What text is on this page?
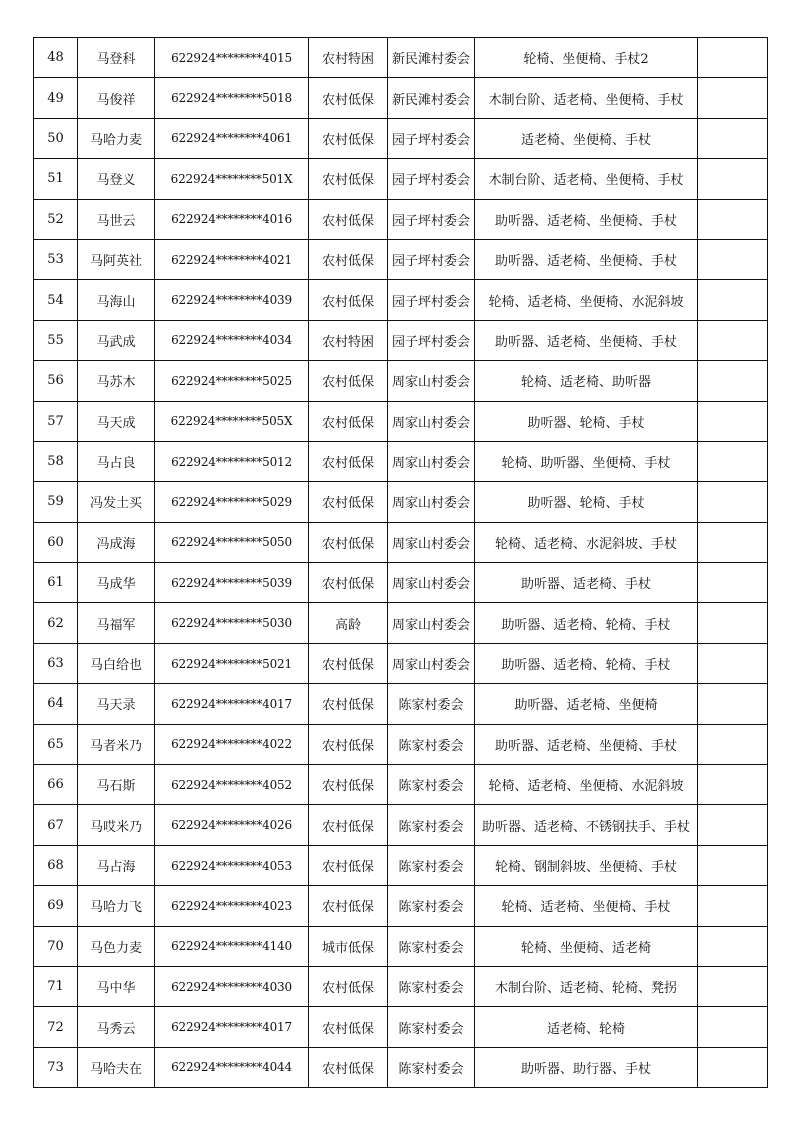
48	马登科	622924********4015	农村特困	新民滩村委会	轮椅、坐便椅、手杖2	
49	马俊祥	622924********5018	农村低保	新民滩村委会	木制台阶、适老椅、坐便椅、手杖	
50	马哈力麦	622924********4061	农村低保	园子坪村委会	适老椅、坐便椅、手杖	
51	马登义	622924********501X	农村低保	园子坪村委会	木制台阶、适老椅、坐便椅、手杖	
52	马世云	622924********4016	农村低保	园子坪村委会	助听器、适老椅、坐便椅、手杖	
53	马阿英社	622924********4021	农村低保	园子坪村委会	助听器、适老椅、坐便椅、手杖	
54	马海山	622924********4039	农村低保	园子坪村委会	轮椅、适老椅、坐便椅、水泥斜坡	
55	马武成	622924********4034	农村特困	园子坪村委会	助听器、适老椅、坐便椅、手杖	
56	马苏木	622924********5025	农村低保	周家山村委会	轮椅、适老椅、助听器	
57	马天成	622924********505X	农村低保	周家山村委会	助听器、轮椅、手杖	
58	马占良	622924********5012	农村低保	周家山村委会	轮椅、助听器、坐便椅、手杖	
59	冯发土买	622924********5029	农村低保	周家山村委会	助听器、轮椅、手杖	
60	冯成海	622924********5050	农村低保	周家山村委会	轮椅、适老椅、水泥斜坡、手杖	
61	马成华	622924********5039	农村低保	周家山村委会	助听器、适老椅、手杖	
62	马福军	622924********5030	高龄	周家山村委会	助听器、适老椅、轮椅、手杖	
63	马白给也	622924********5021	农村低保	周家山村委会	助听器、适老椅、轮椅、手杖	
64	马天录	622924********4017	农村低保	陈家村委会	助听器、适老椅、坐便椅	
65	马者米乃	622924********4022	农村低保	陈家村委会	助听器、适老椅、坐便椅、手杖	
66	马石斯	622924********4052	农村低保	陈家村委会	轮椅、适老椅、坐便椅、水泥斜坡	
67	马哎米乃	622924********4026	农村低保	陈家村委会	助听器、适老椅、不锈钢扶手、手杖	
68	马占海	622924********4053	农村低保	陈家村委会	轮椅、钢制斜坡、坐便椅、手杖	
69	马哈力飞	622924********4023	农村低保	陈家村委会	轮椅、适老椅、坐便椅、手杖	
70	马色力麦	622924********4140	城市低保	陈家村委会	轮椅、坐便椅、适老椅	
71	马中华	622924********4030	农村低保	陈家村委会	木制台阶、适老椅、轮椅、凳拐	
72	马秀云	622924********4017	农村低保	陈家村委会	适老椅、轮椅	
73	马哈夫在	622924********4044	农村低保	陈家村委会	助听器、助行器、手杖	
